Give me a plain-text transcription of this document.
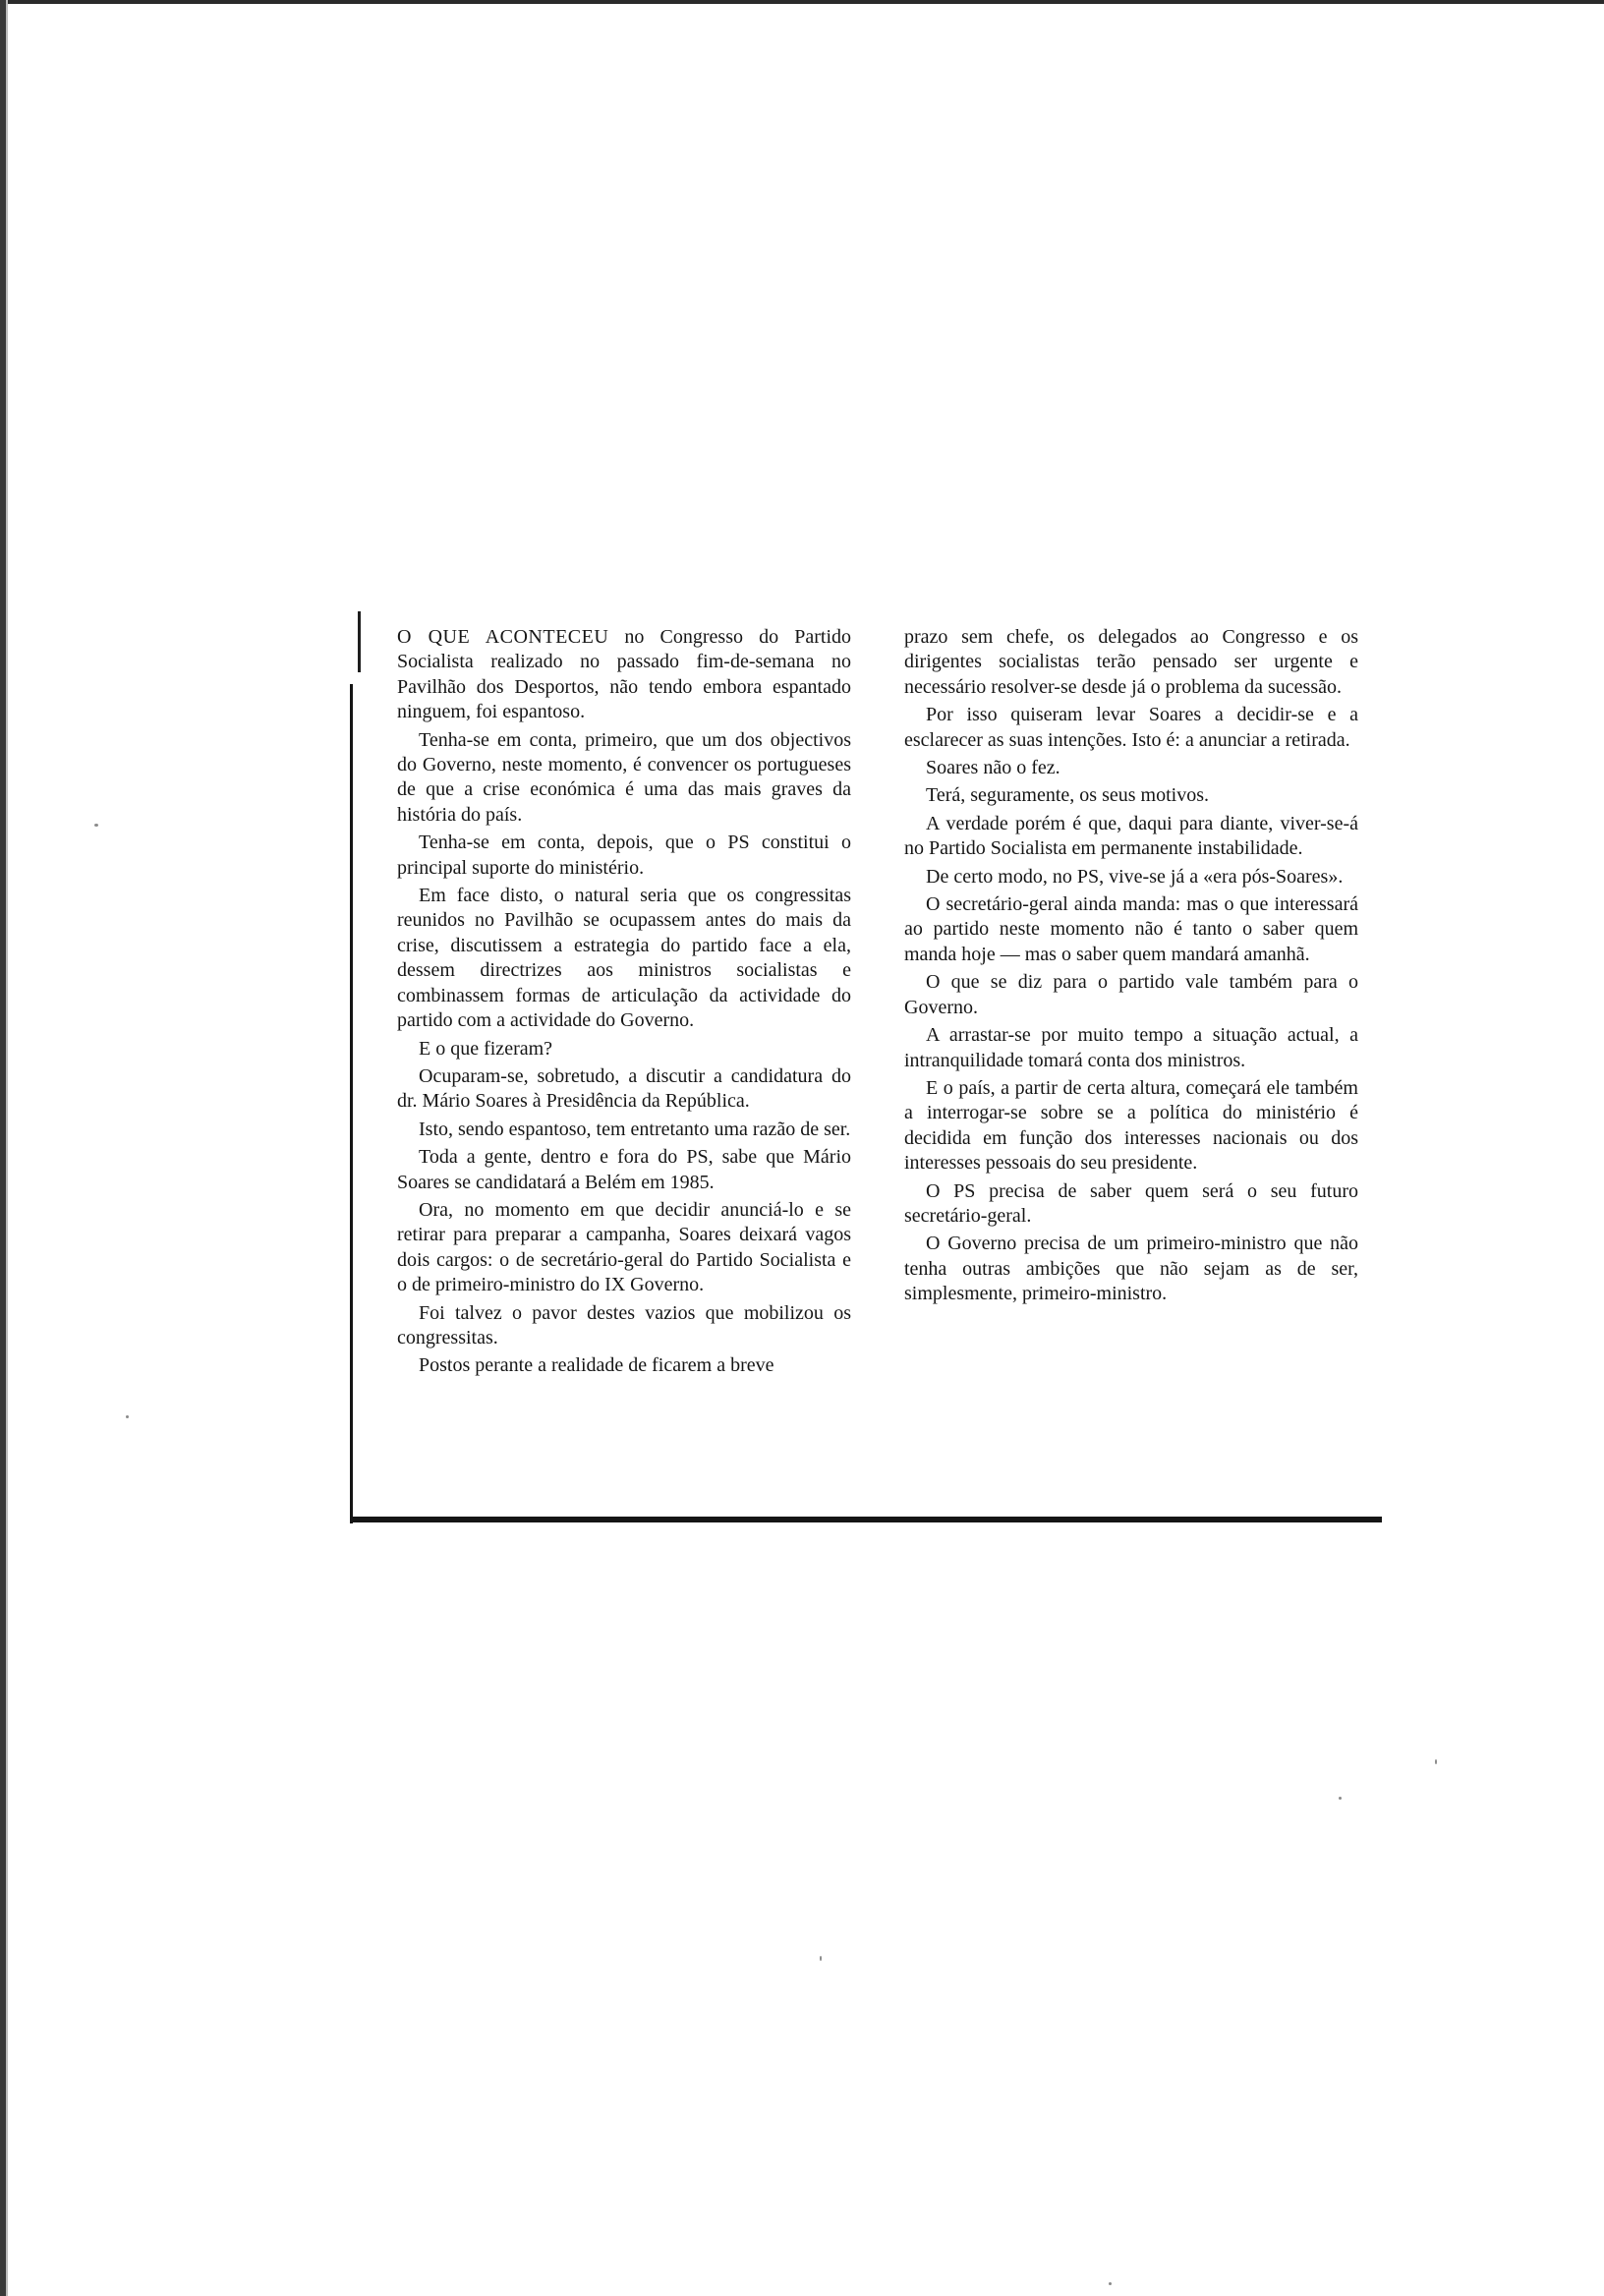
O QUE ACONTECEU no Congresso do Partido Socialista realizado no passado fim-de-semana no Pavilhão dos Desportos, não tendo embora espantado ninguem, foi espantoso.

Tenha-se em conta, primeiro, que um dos objectivos do Governo, neste momento, é convencer os portugueses de que a crise económica é uma das mais graves da história do país.

Tenha-se em conta, depois, que o PS constitui o principal suporte do ministério.

Em face disto, o natural seria que os congressitas reunidos no Pavilhão se ocupassem antes do mais da crise, discutissem a estrategia do partido face a ela, dessem directrizes aos ministros socialistas e combinassem formas de articulação da actividade do partido com a actividade do Governo.

E o que fizeram?

Ocuparam-se, sobretudo, a discutir a candidatura do dr. Mário Soares à Presidência da República.

Isto, sendo espantoso, tem entretanto uma razão de ser.

Toda a gente, dentro e fora do PS, sabe que Mário Soares se candidatará a Belém em 1985.

Ora, no momento em que decidir anunciá-lo e se retirar para preparar a campanha, Soares deixará vagos dois cargos: o de secretário-geral do Partido Socialista e o de primeiro-ministro do IX Governo.

Foi talvez o pavor destes vazios que mobilizou os congressitas.

Postos perante a realidade de ficarem a breve

prazo sem chefe, os delegados ao Congresso e os dirigentes socialistas terão pensado ser urgente e necessário resolver-se desde já o problema da sucessão.

Por isso quiseram levar Soares a decidir-se e a esclarecer as suas intenções. Isto é: a anunciar a retirada.

Soares não o fez.

Terá, seguramente, os seus motivos.

A verdade porém é que, daqui para diante, viver-se-á no Partido Socialista em permanente instabilidade.

De certo modo, no PS, vive-se já a «era pós-Soares».

O secretário-geral ainda manda: mas o que interessará ao partido neste momento não é tanto o saber quem manda hoje — mas o saber quem mandará amanhã.

O que se diz para o partido vale também para o Governo.

A arrastar-se por muito tempo a situação actual, a intranquilidade tomará conta dos ministros.

E o país, a partir de certa altura, começará ele também a interrogar-se sobre se a política do ministério é decidida em função dos interesses nacionais ou dos interesses pessoais do seu presidente.

O PS precisa de saber quem será o seu futuro secretário-geral.

O Governo precisa de um primeiro-ministro que não tenha outras ambições que não sejam as de ser, simplesmente, primeiro-ministro.
